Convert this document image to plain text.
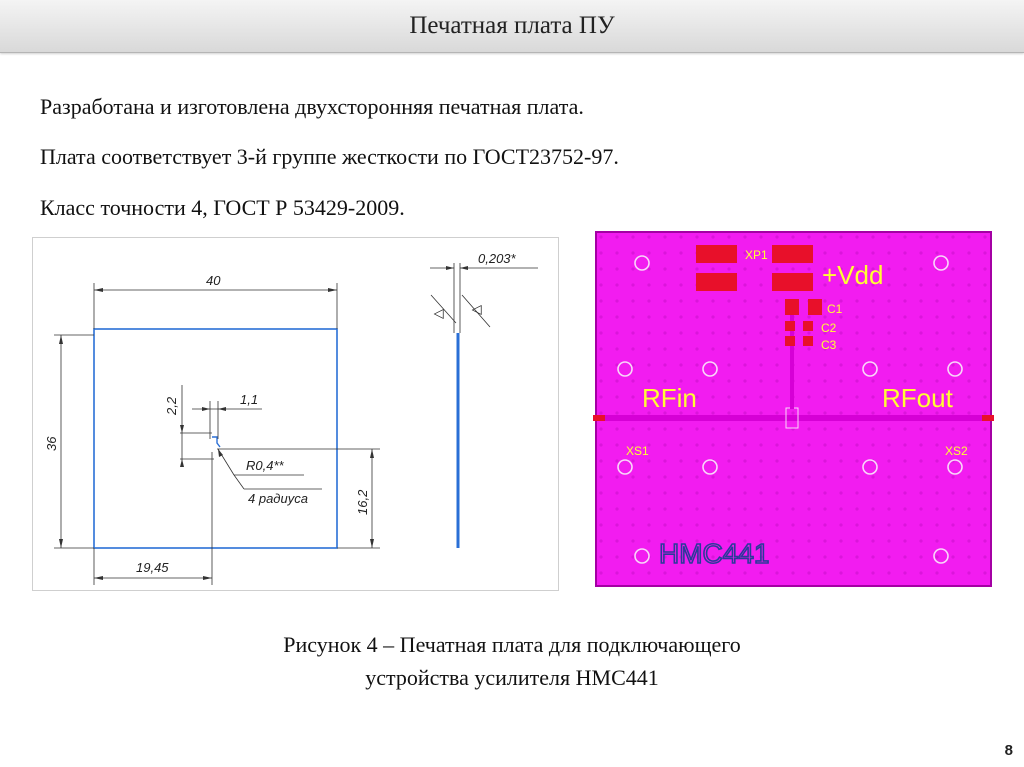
Печатная плата ПУ
Разработана и изготовлена двухсторонняя печатная плата.
Плата соответствует 3-й группе жесткости по ГОСТ23752-97.
Класс точности 4, ГОСТ Р 53429-2009.
40
36
2,2	1,1
R0,4**
4 радиуса	16,2
19,45
0,203*
△ △
XP1
+Vdd
C1
C2
C3
RFin	RFout
XS1	XS2
HMC441
Рисунок 4 – Печатная плата для подключающего
устройства усилителя HMC441
8
